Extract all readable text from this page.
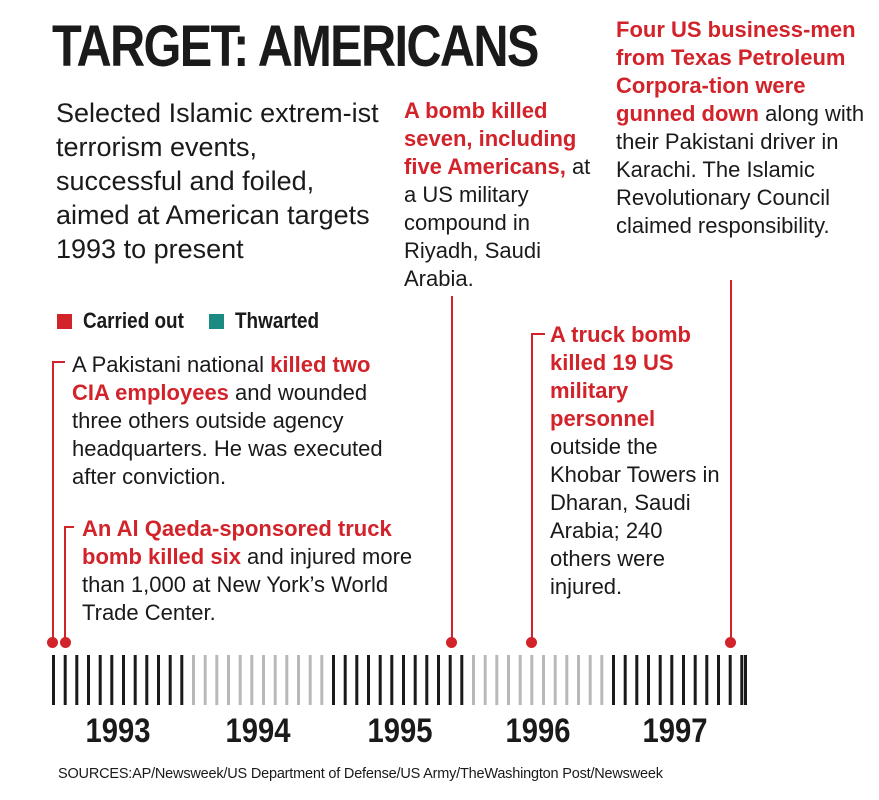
TARGET: AMERICANS
Selected Islamic extrem-ist terrorism events, successful and foiled, aimed at American targets 1993 to present
Carried out Thwarted
A Pakistani national killed two CIA employees and wounded three others outside agency headquarters. He was executed after conviction.
An Al Qaeda-sponsored truck bomb killed six and injured more than 1,000 at New York’s World Trade Center.
A bomb killed seven, including five Americans, at a US military compound in Riyadh, Saudi Arabia.
A truck bomb killed 19 US military personnel outside the Khobar Towers in Dharan, Saudi Arabia; 240 others were injured.
Four US business-men from Texas Petroleum Corpora-tion were gunned down along with their Pakistani driver in Karachi. The Islamic Revolutionary Council claimed responsibility.
1993 1994 1995 1996 1997
SOURCES:AP/Newsweek/US Department of Defense/US Army/TheWashington Post/Newsweek
